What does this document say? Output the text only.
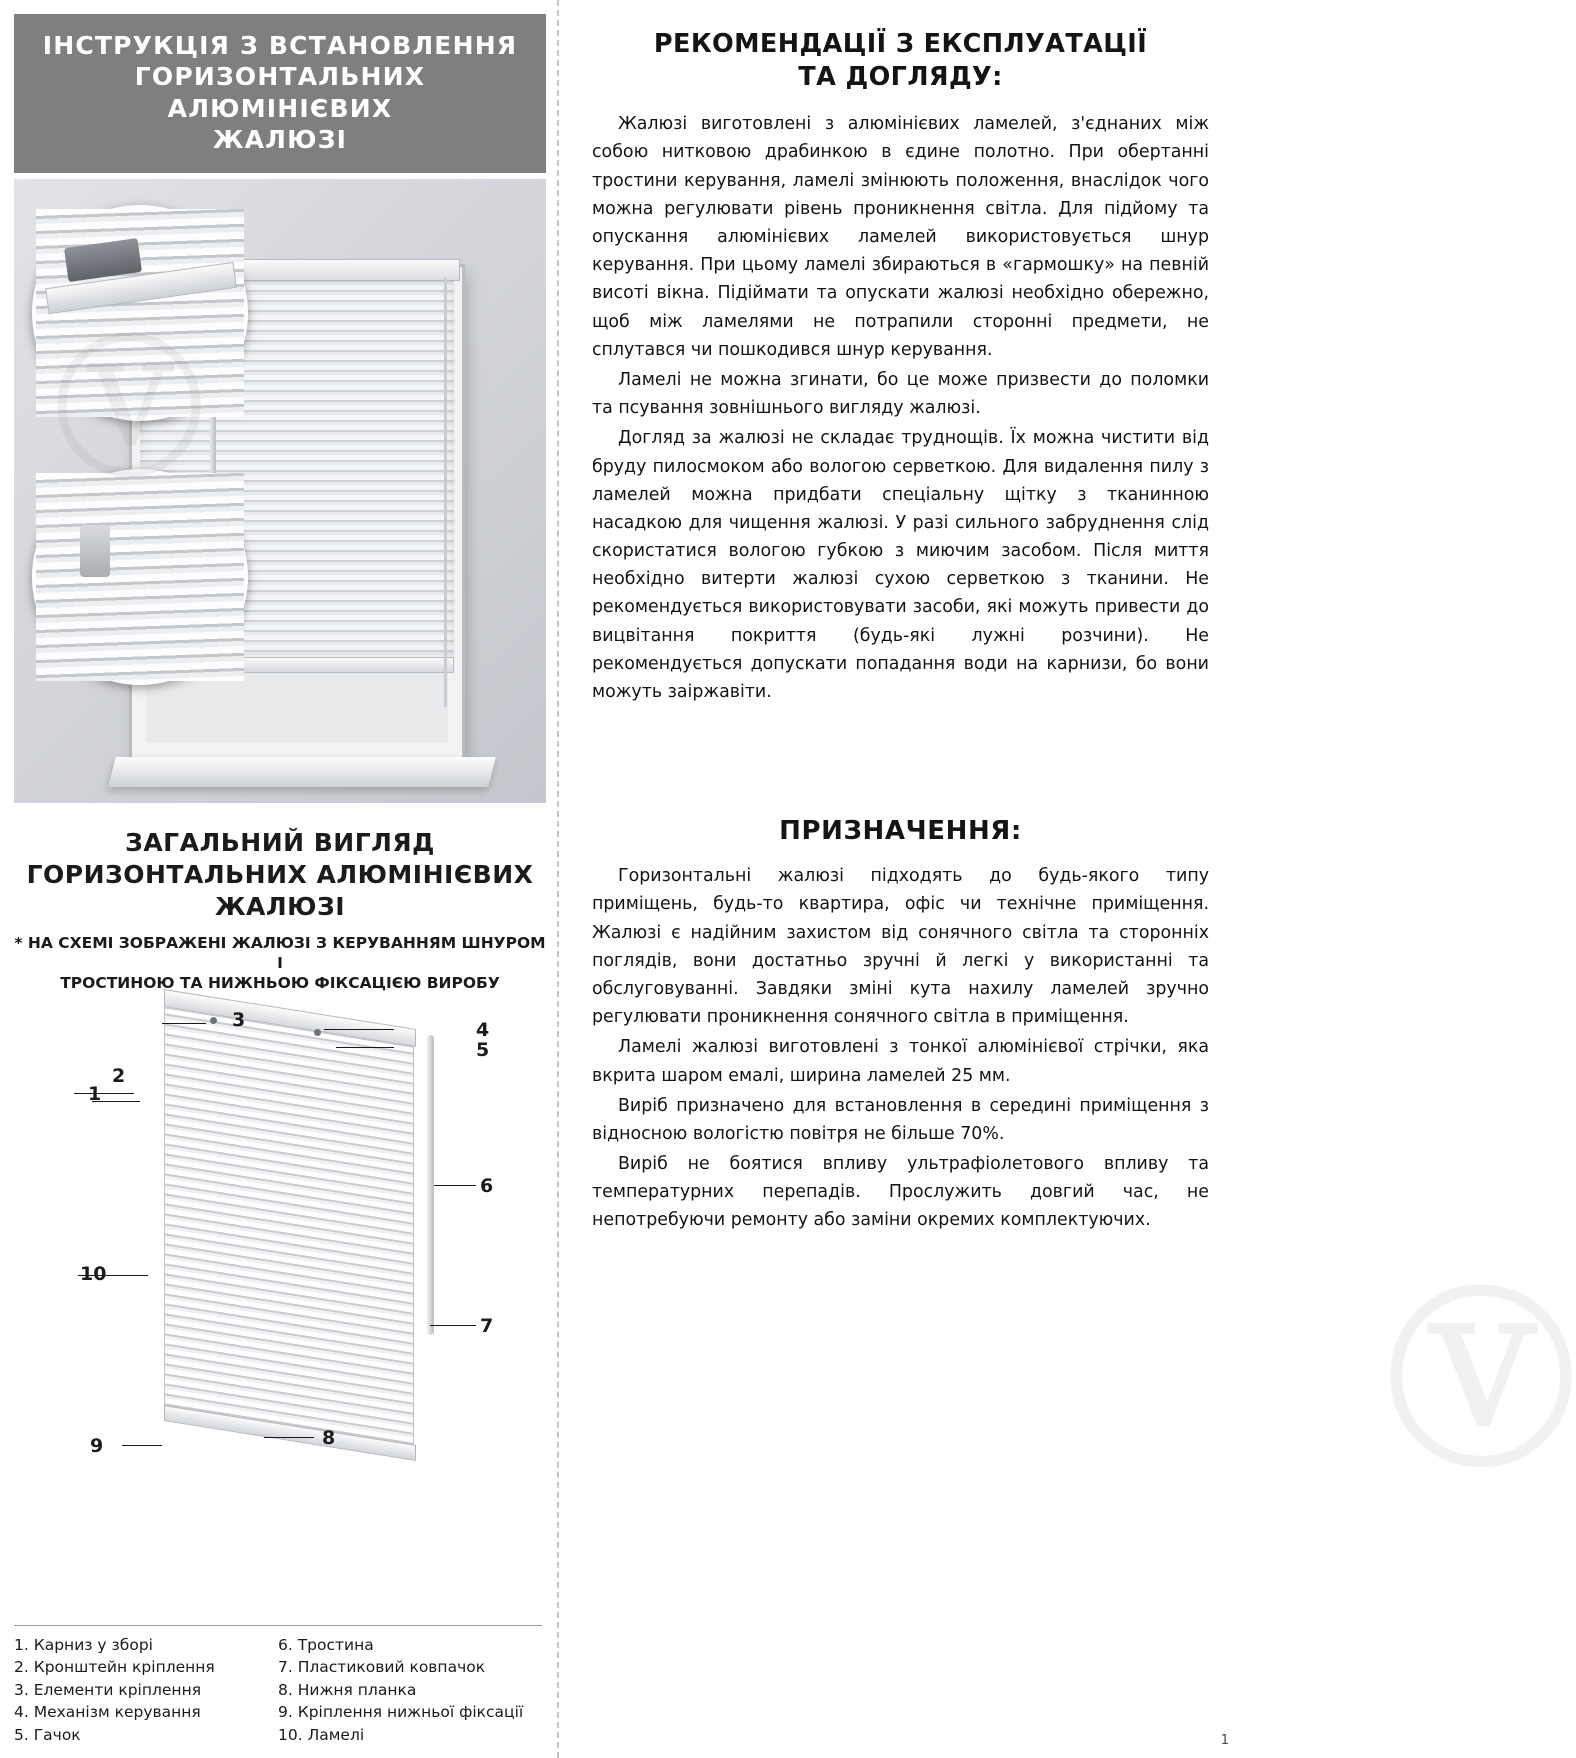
ІНСТРУКЦІЯ З ВСТАНОВЛЕННЯ
ГОРИЗОНТАЛЬНИХ АЛЮМІНІЄВИХ
ЖАЛЮЗІ
ЗАГАЛЬНИЙ ВИГЛЯД
ГОРИЗОНТАЛЬНИХ АЛЮМІНІЄВИХ
ЖАЛЮЗІ
* НА СХЕМІ ЗОБРАЖЕНІ ЖАЛЮЗІ З КЕРУВАННЯМ ШНУРОМ І
ТРОСТИНОЮ ТА НИЖНЬОЮ ФІКСАЦІЄЮ ВИРОБУ
3	4
5
1
2
6
7
10
9	8
1. Карниз у зборі
2. Кронштейн кріплення
3. Елементи кріплення
4. Механізм керування
5. Гачок
6. Тростина
7. Пластиковий ковпачок
8. Нижня планка
9. Кріплення нижньої фіксації
10. Ламелі
РЕКОМЕНДАЦІЇ З ЕКСПЛУАТАЦІЇ
ТА ДОГЛЯДУ:

Жалюзі виготовлені з алюмінієвих ламелей, з'єднаних між собою нитковою драбинкою в єдине полотно. При обертанні тростини керування, ламелі змінюють положення, внаслідок чого можна регулювати рівень проникнення світла. Для підйому та опускання алюмінієвих ламелей використовується шнур керування. При цьому ламелі збираються в «гармошку» на певній висоті вікна. Підіймати та опускати жалюзі необхідно обережно, щоб між ламелями не потрапили сторонні предмети, не сплутався чи пошкодився шнур керування.

Ламелі не можна згинати, бо це може призвести до поломки та псування зовнішнього вигляду жалюзі.

Догляд за жалюзі не складає труднощів. Їх можна чистити від бруду пилосмоком або вологою серветкою. Для видалення пилу з ламелей можна придбати спеціальну щітку з тканинною насадкою для чищення жалюзі. У разі сильного забруднення слід скористатися вологою губкою з миючим засобом. Після миття необхідно витерти жалюзі сухою серветкою з тканини. Не рекомендується використовувати засоби, які можуть привести до вицвітання покриття (будь-які лужні розчини). Не рекомендується допускати попадання води на карнизи, бо вони можуть заіржавіти.

ПРИЗНАЧЕННЯ:

Горизонтальні жалюзі підходять до будь-якого типу приміщень, будь-то квартира, офіс чи технічне приміщення. Жалюзі є надійним захистом від сонячного світла та сторонніх поглядів, вони достатньо зручні й легкі у використанні та обслуговуванні. Завдяки зміні кута нахилу ламелей зручно регулювати проникнення сонячного світла в приміщення.

Ламелі жалюзі виготовлені з тонкої алюмінієвої стрічки, яка вкрита шаром емалі, ширина ламелей 25 мм.

Виріб призначено для встановлення в середині приміщення з відносною вологістю повітря не більше 70%.

Виріб не боятися впливу ультрафіолетового впливу та температурних перепадів. Прослужить довгий час, не непотребуючи ремонту або заміни окремих комплектуючих.

Ⓥ
1
